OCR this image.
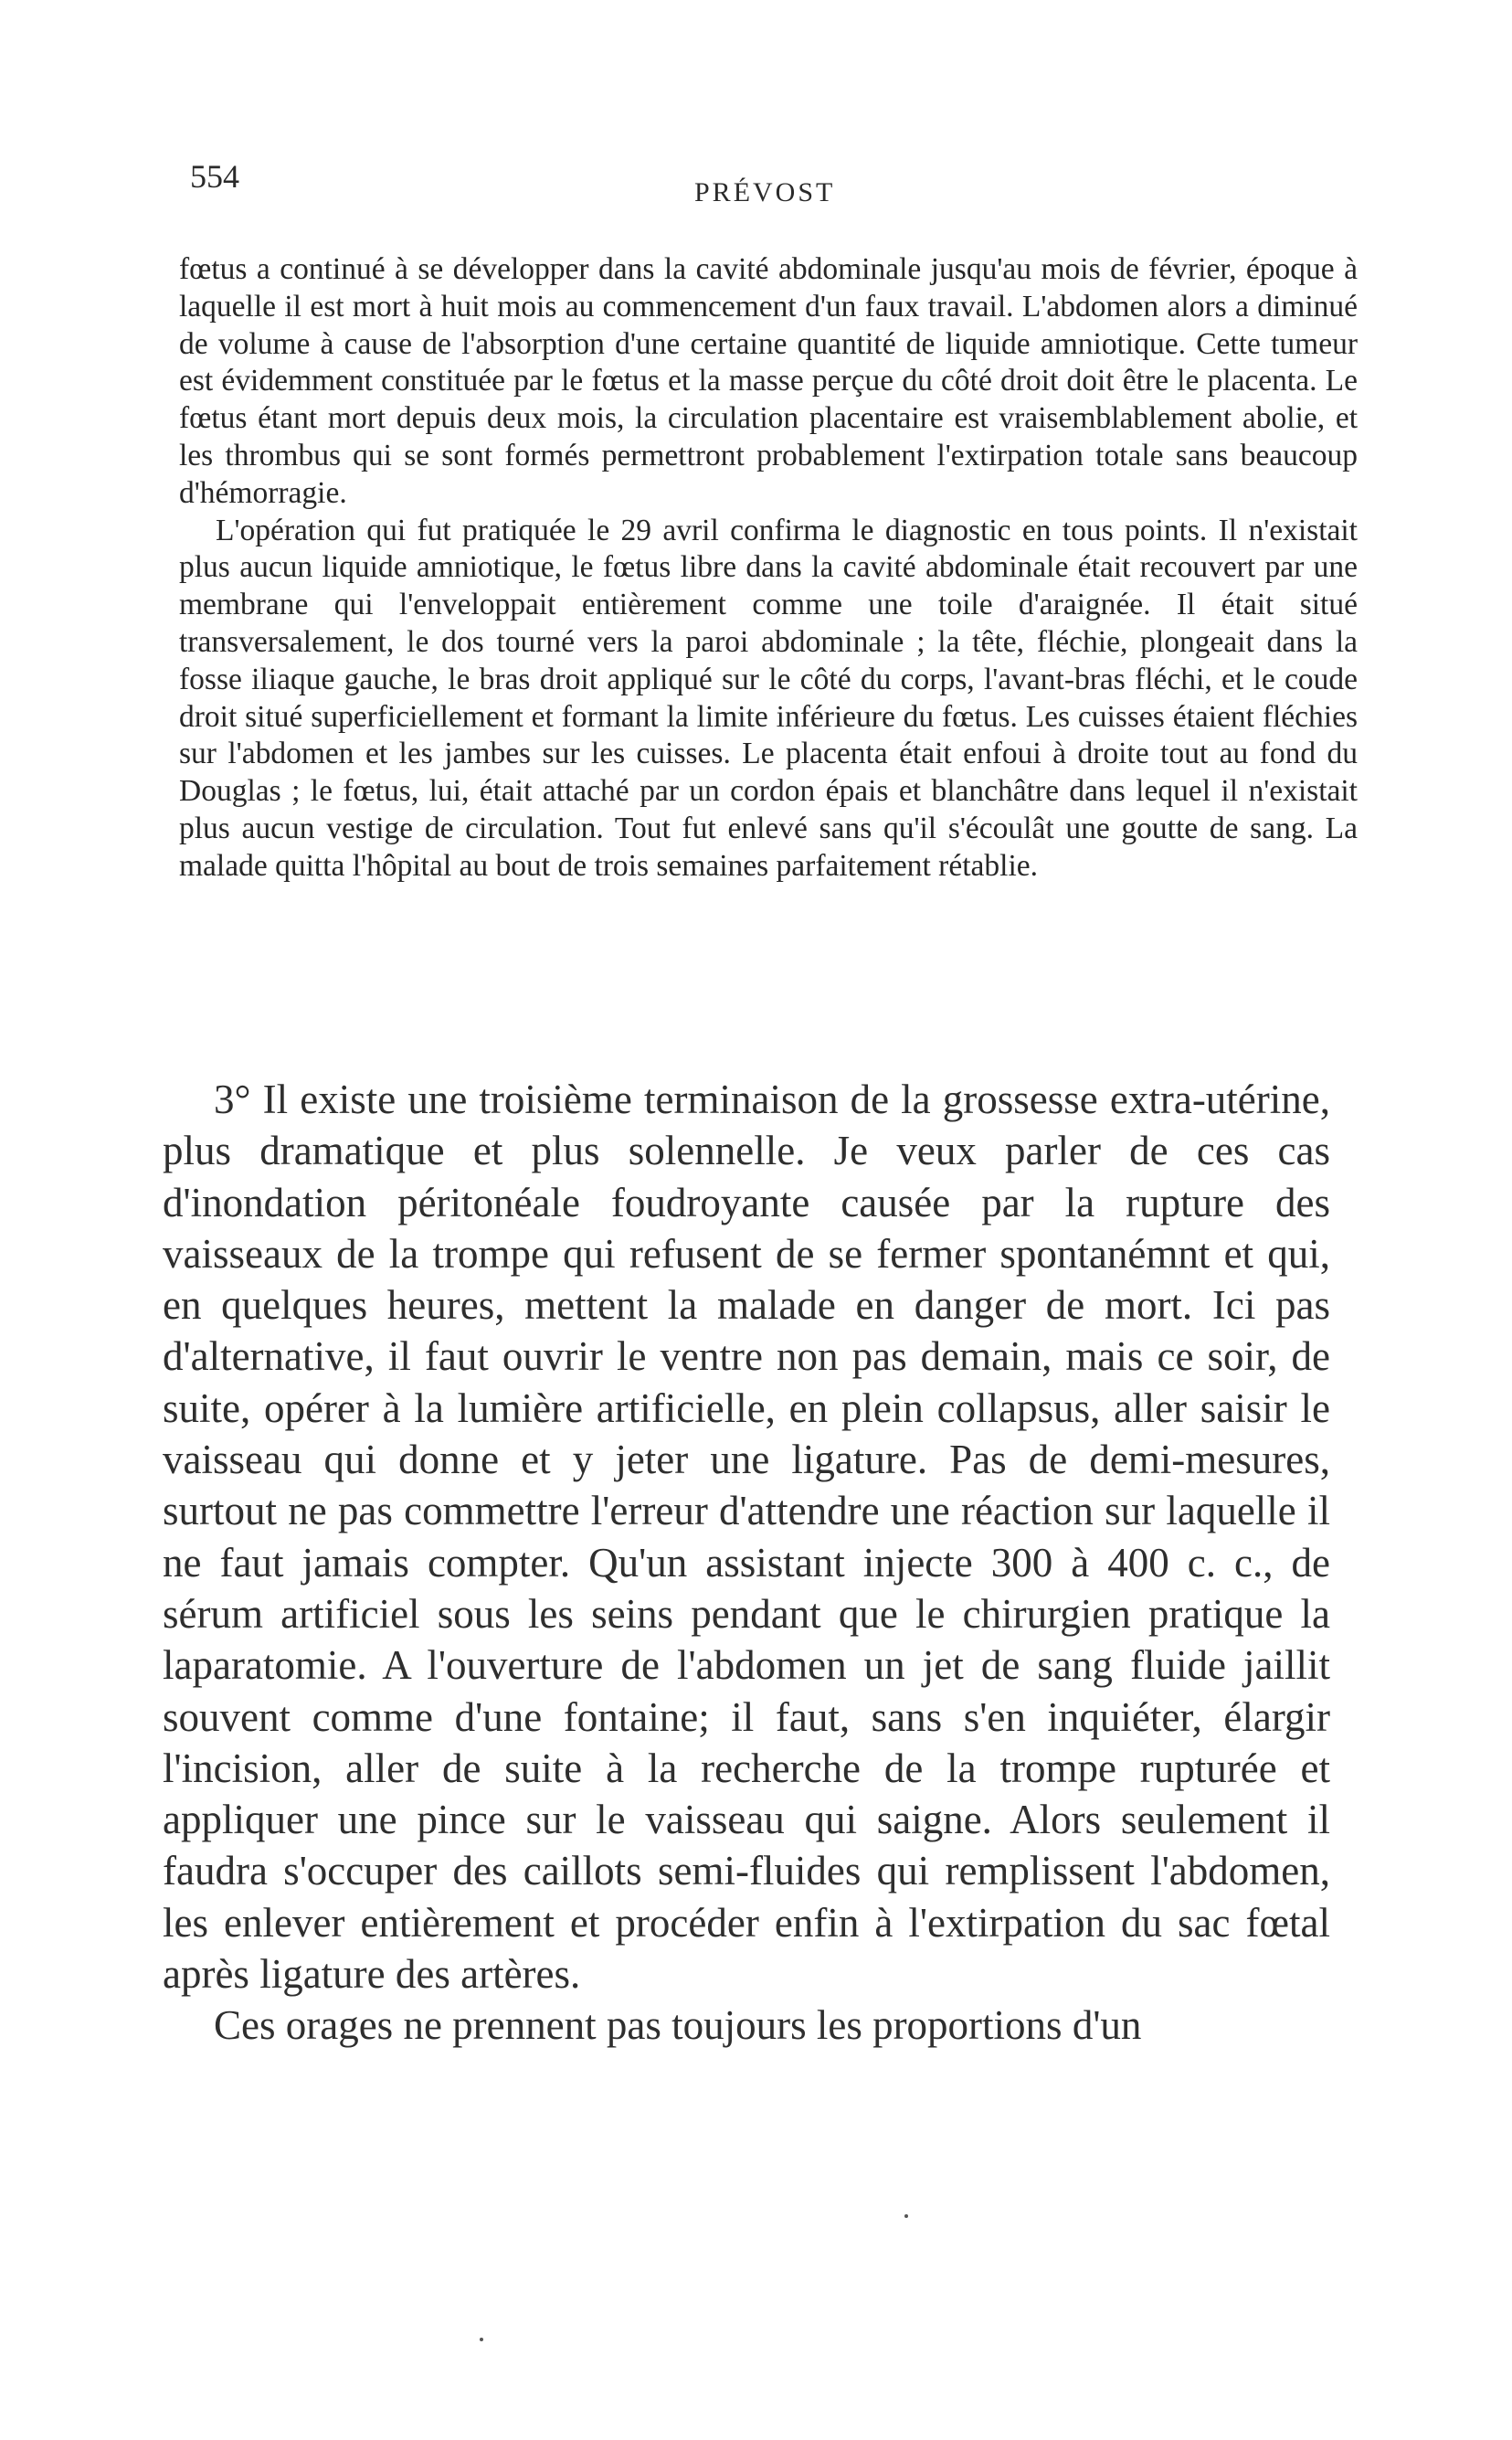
554	PRÉVOST

fœtus a continué à se développer dans la cavité abdominale jusqu'au mois de février, époque à laquelle il est mort à huit mois au commencement d'un faux travail. L'abdomen alors a diminué de volume à cause de l'absorption d'une certaine quantité de liquide amniotique. Cette tumeur est évidemment constituée par le fœtus et la masse perçue du côté droit doit être le placenta. Le fœtus étant mort depuis deux mois, la circulation placentaire est vraisemblablement abolie, et les thrombus qui se sont formés permettront probablement l'extirpation totale sans beaucoup d'hémorragie.

L'opération qui fut pratiquée le 29 avril confirma le diagnostic en tous points. Il n'existait plus aucun liquide amniotique, le fœtus libre dans la cavité abdominale était recouvert par une membrane qui l'enveloppait entièrement comme une toile d'araignée. Il était situé transversalement, le dos tourné vers la paroi abdominale ; la tête, fléchie, plongeait dans la fosse iliaque gauche, le bras droit appliqué sur le côté du corps, l'avant-bras fléchi, et le coude droit situé superficiellement et formant la limite inférieure du fœtus. Les cuisses étaient fléchies sur l'abdomen et les jambes sur les cuisses. Le placenta était enfoui à droite tout au fond du Douglas ; le fœtus, lui, était attaché par un cordon épais et blanchâtre dans lequel il n'existait plus aucun vestige de circulation. Tout fut enlevé sans qu'il s'écoulât une goutte de sang. La malade quitta l'hôpital au bout de trois semaines parfaitement rétablie.

3° Il existe une troisième terminaison de la grossesse extra-utérine, plus dramatique et plus solennelle. Je veux parler de ces cas d'inondation péritonéale foudroyante causée par la rupture des vaisseaux de la trompe qui refusent de se fermer spontanémnt et qui, en quelques heures, mettent la malade en danger de mort. Ici pas d'alternative, il faut ouvrir le ventre non pas demain, mais ce soir, de suite, opérer à la lumière artificielle, en plein collapsus, aller saisir le vaisseau qui donne et y jeter une ligature. Pas de demi-mesures, surtout ne pas commettre l'erreur d'attendre une réaction sur laquelle il ne faut jamais compter. Qu'un assistant injecte 300 à 400 c. c., de sérum artificiel sous les seins pendant que le chirurgien pratique la laparatomie. A l'ouverture de l'abdomen un jet de sang fluide jaillit souvent comme d'une fontaine; il faut, sans s'en inquiéter, élargir l'incision, aller de suite à la recherche de la trompe rupturée et appliquer une pince sur le vaisseau qui saigne. Alors seulement il faudra s'occuper des caillots semi-fluides qui remplissent l'abdomen, les enlever entièrement et procéder enfin à l'extirpation du sac fœtal après ligature des artères.

Ces orages ne prennent pas toujours les proportions d'un
